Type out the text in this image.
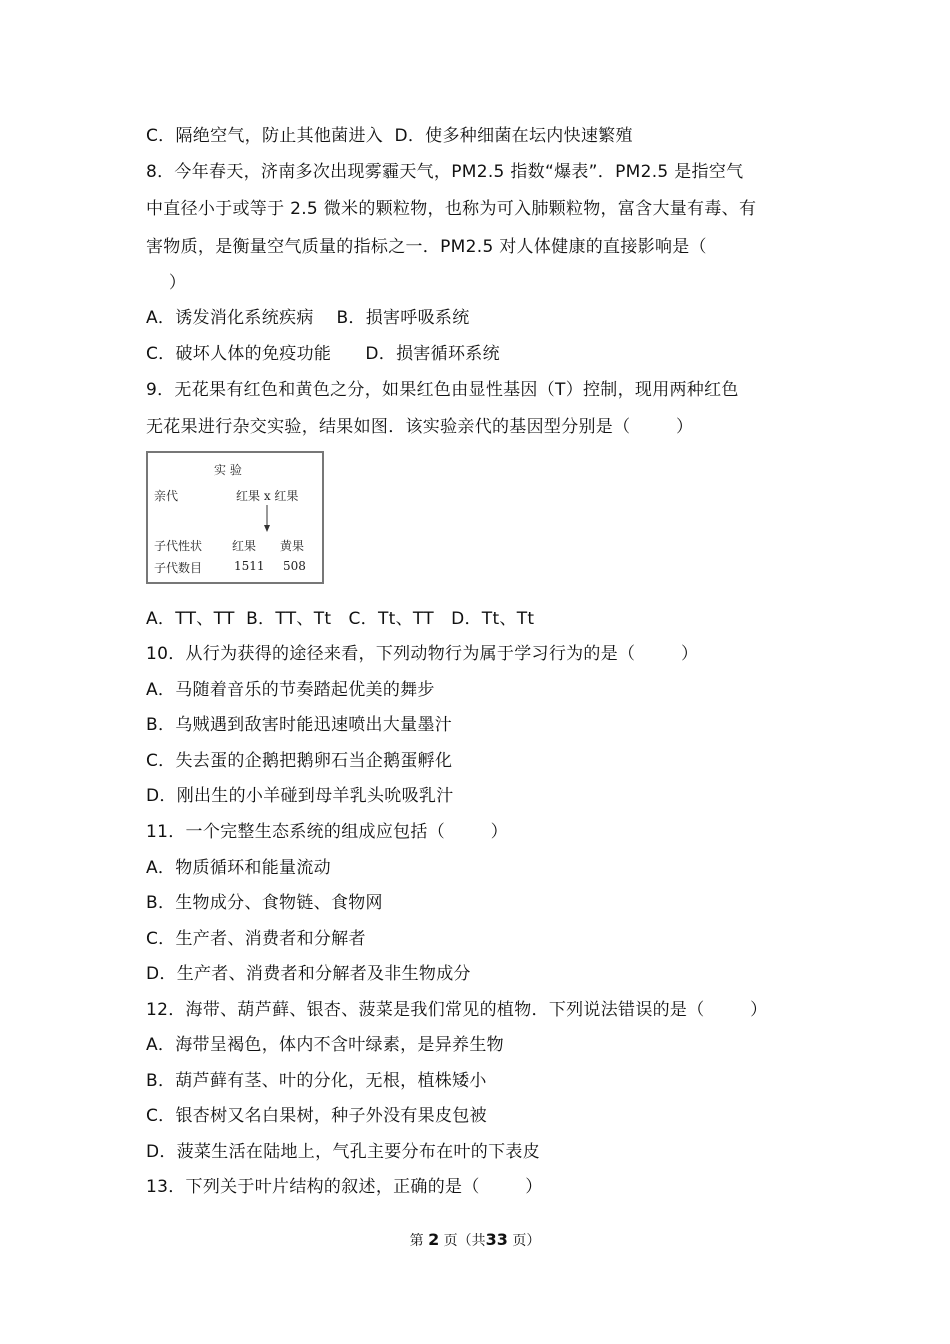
C．隔绝空气，防止其他菌进入  D．使多种细菌在坛内快速繁殖
8．今年春天，济南多次出现雾霾天气，PM2.5 指数“爆表”．PM2.5 是指空气
中直径小于或等于 2.5 微米的颗粒物，也称为可入肺颗粒物，富含大量有毒、有
害物质，是衡量空气质量的指标之一．PM2.5 对人体健康的直接影响是（
）
A．诱发消化系统疾病    B．损害呼吸系统
C．破坏人体的免疫功能      D．损害循环系统
9．无花果有红色和黄色之分，如果红色由显性基因（T）控制，现用两种红色
无花果进行杂交实验，结果如图．该实验亲代的基因型分别是（        ）
实 验
亲代	红果 x 红果
子代性状 红果 黄果
子代数目	1511 508
A．TT、TT  B．TT、Tt   C．Tt、TT   D．Tt、Tt
10．从行为获得的途径来看，下列动物行为属于学习行为的是（        ）
A．马随着音乐的节奏踏起优美的舞步
B．乌贼遇到敌害时能迅速喷出大量墨汁
C．失去蛋的企鹅把鹅卵石当企鹅蛋孵化
D．刚出生的小羊碰到母羊乳头吮吸乳汁
11．一个完整生态系统的组成应包括（        ）
A．物质循环和能量流动
B．生物成分、食物链、食物网
C．生产者、消费者和分解者
D．生产者、消费者和分解者及非生物成分
12．海带、葫芦藓、银杏、菠菜是我们常见的植物．下列说法错误的是（        ）
A．海带呈褐色，体内不含叶绿素，是异养生物
B．葫芦藓有茎、叶的分化，无根，植株矮小
C．银杏树又名白果树，种子外没有果皮包被
D．菠菜生活在陆地上，气孔主要分布在叶的下表皮
13．下列关于叶片结构的叙述，正确的是（        ）
第 2 页（共33 页）
